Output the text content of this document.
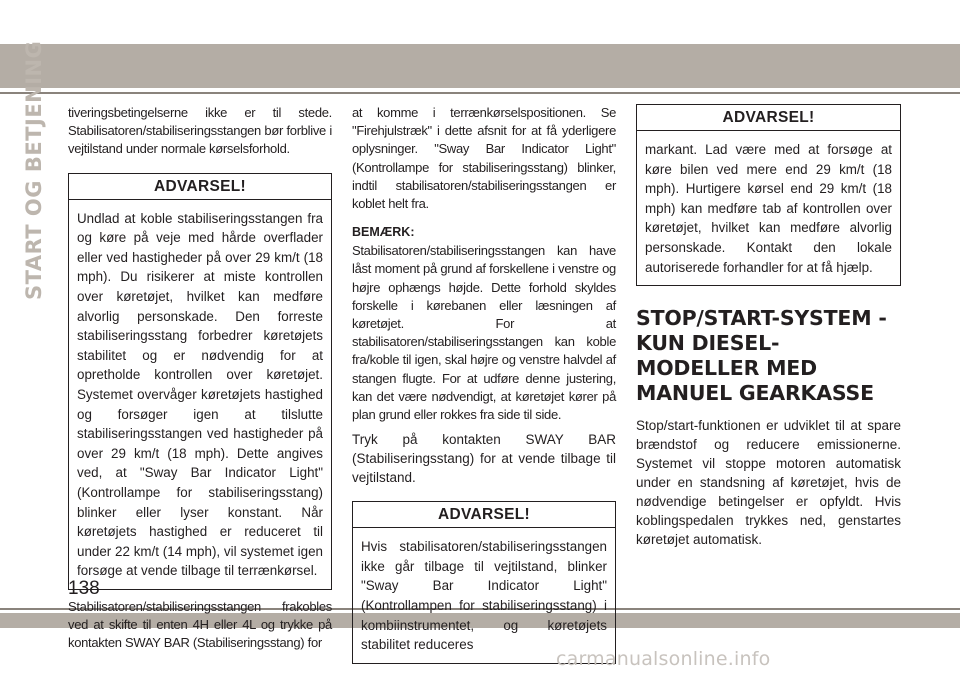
START OG BETJENING tiveringsbetingelserne ikke er til stede. Stabilisatoren/stabiliseringsstangen bør forblive i vejtilstand under normale kørselsforhold.

ADVARSEL!
Undlad at koble stabiliseringsstangen fra og køre på veje med hårde overflader eller ved hastigheder på over 29 km/t (18 mph). Du risikerer at miste kontrollen over køretøjet, hvilket kan medføre alvorlig personskade. Den forreste stabiliseringsstang forbedrer køretøjets stabilitet og er nødvendig for at opretholde kontrollen over køretøjet. Systemet overvåger køretøjets hastighed og forsøger igen at tilslutte stabiliseringsstangen ved hastigheder på over 29 km/t (18 mph). Dette angives ved, at "Sway Bar Indicator Light" (Kontrollampe for stabiliseringsstang) blinker eller lyser konstant. Når køretøjets hastighed er reduceret til under 22 km/t (14 mph), vil systemet igen forsøge at vende tilbage til terrænkørsel.

Stabilisatoren/stabiliseringsstangen frakobles ved at skifte til enten 4H eller 4L og trykke på kontakten SWAY BAR (Stabiliseringsstang) for

at komme i terrænkørselspositionen. Se "Firehjulstræk" i dette afsnit for at få yderligere oplysninger. "Sway Bar Indicator Light" (Kontrollampe for stabiliseringsstang) blinker, indtil stabilisatoren/stabiliseringsstangen er koblet helt fra.

BEMÆRK:

Stabilisatoren/stabiliseringsstangen kan have låst moment på grund af forskellene i venstre og højre ophængs højde. Dette forhold skyldes forskelle i kørebanen eller læsningen af køretøjet. For at stabilisatoren/stabiliseringsstangen kan koble fra/koble til igen, skal højre og venstre halvdel af stangen flugte. For at udføre denne justering, kan det være nødvendigt, at køretøjet kører på plan grund eller rokkes fra side til side.

Tryk på kontakten SWAY BAR (Stabiliseringsstang) for at vende tilbage til vejtilstand.

ADVARSEL!
Hvis stabilisatoren/stabiliseringsstangen ikke går tilbage til vejtilstand, blinker "Sway Bar Indicator Light" (Kontrollampen for stabiliseringsstang) i kombiinstrumentet, og køretøjets stabilitet reduceres
ADVARSEL!
markant. Lad være med at forsøge at køre bilen ved mere end 29 km/t (18 mph). Hurtigere kørsel end 29 km/t (18 mph) kan medføre tab af kontrollen over køretøjet, hvilket kan medføre alvorlig personskade. Kontakt den lokale autoriserede forhandler for at få hjælp.
STOP/START-SYSTEM - KUN DIESEL-MODELLER MED MANUEL GEARKASSE

Stop/start-funktionen er udviklet til at spare brændstof og reducere emissionerne. Systemet vil stoppe motoren automatisk under en standsning af køretøjet, hvis de nødvendige betingelser er opfyldt. Hvis koblingspedalen trykkes ned, genstartes køretøjet automatisk.

138
carmanualsonline.info
